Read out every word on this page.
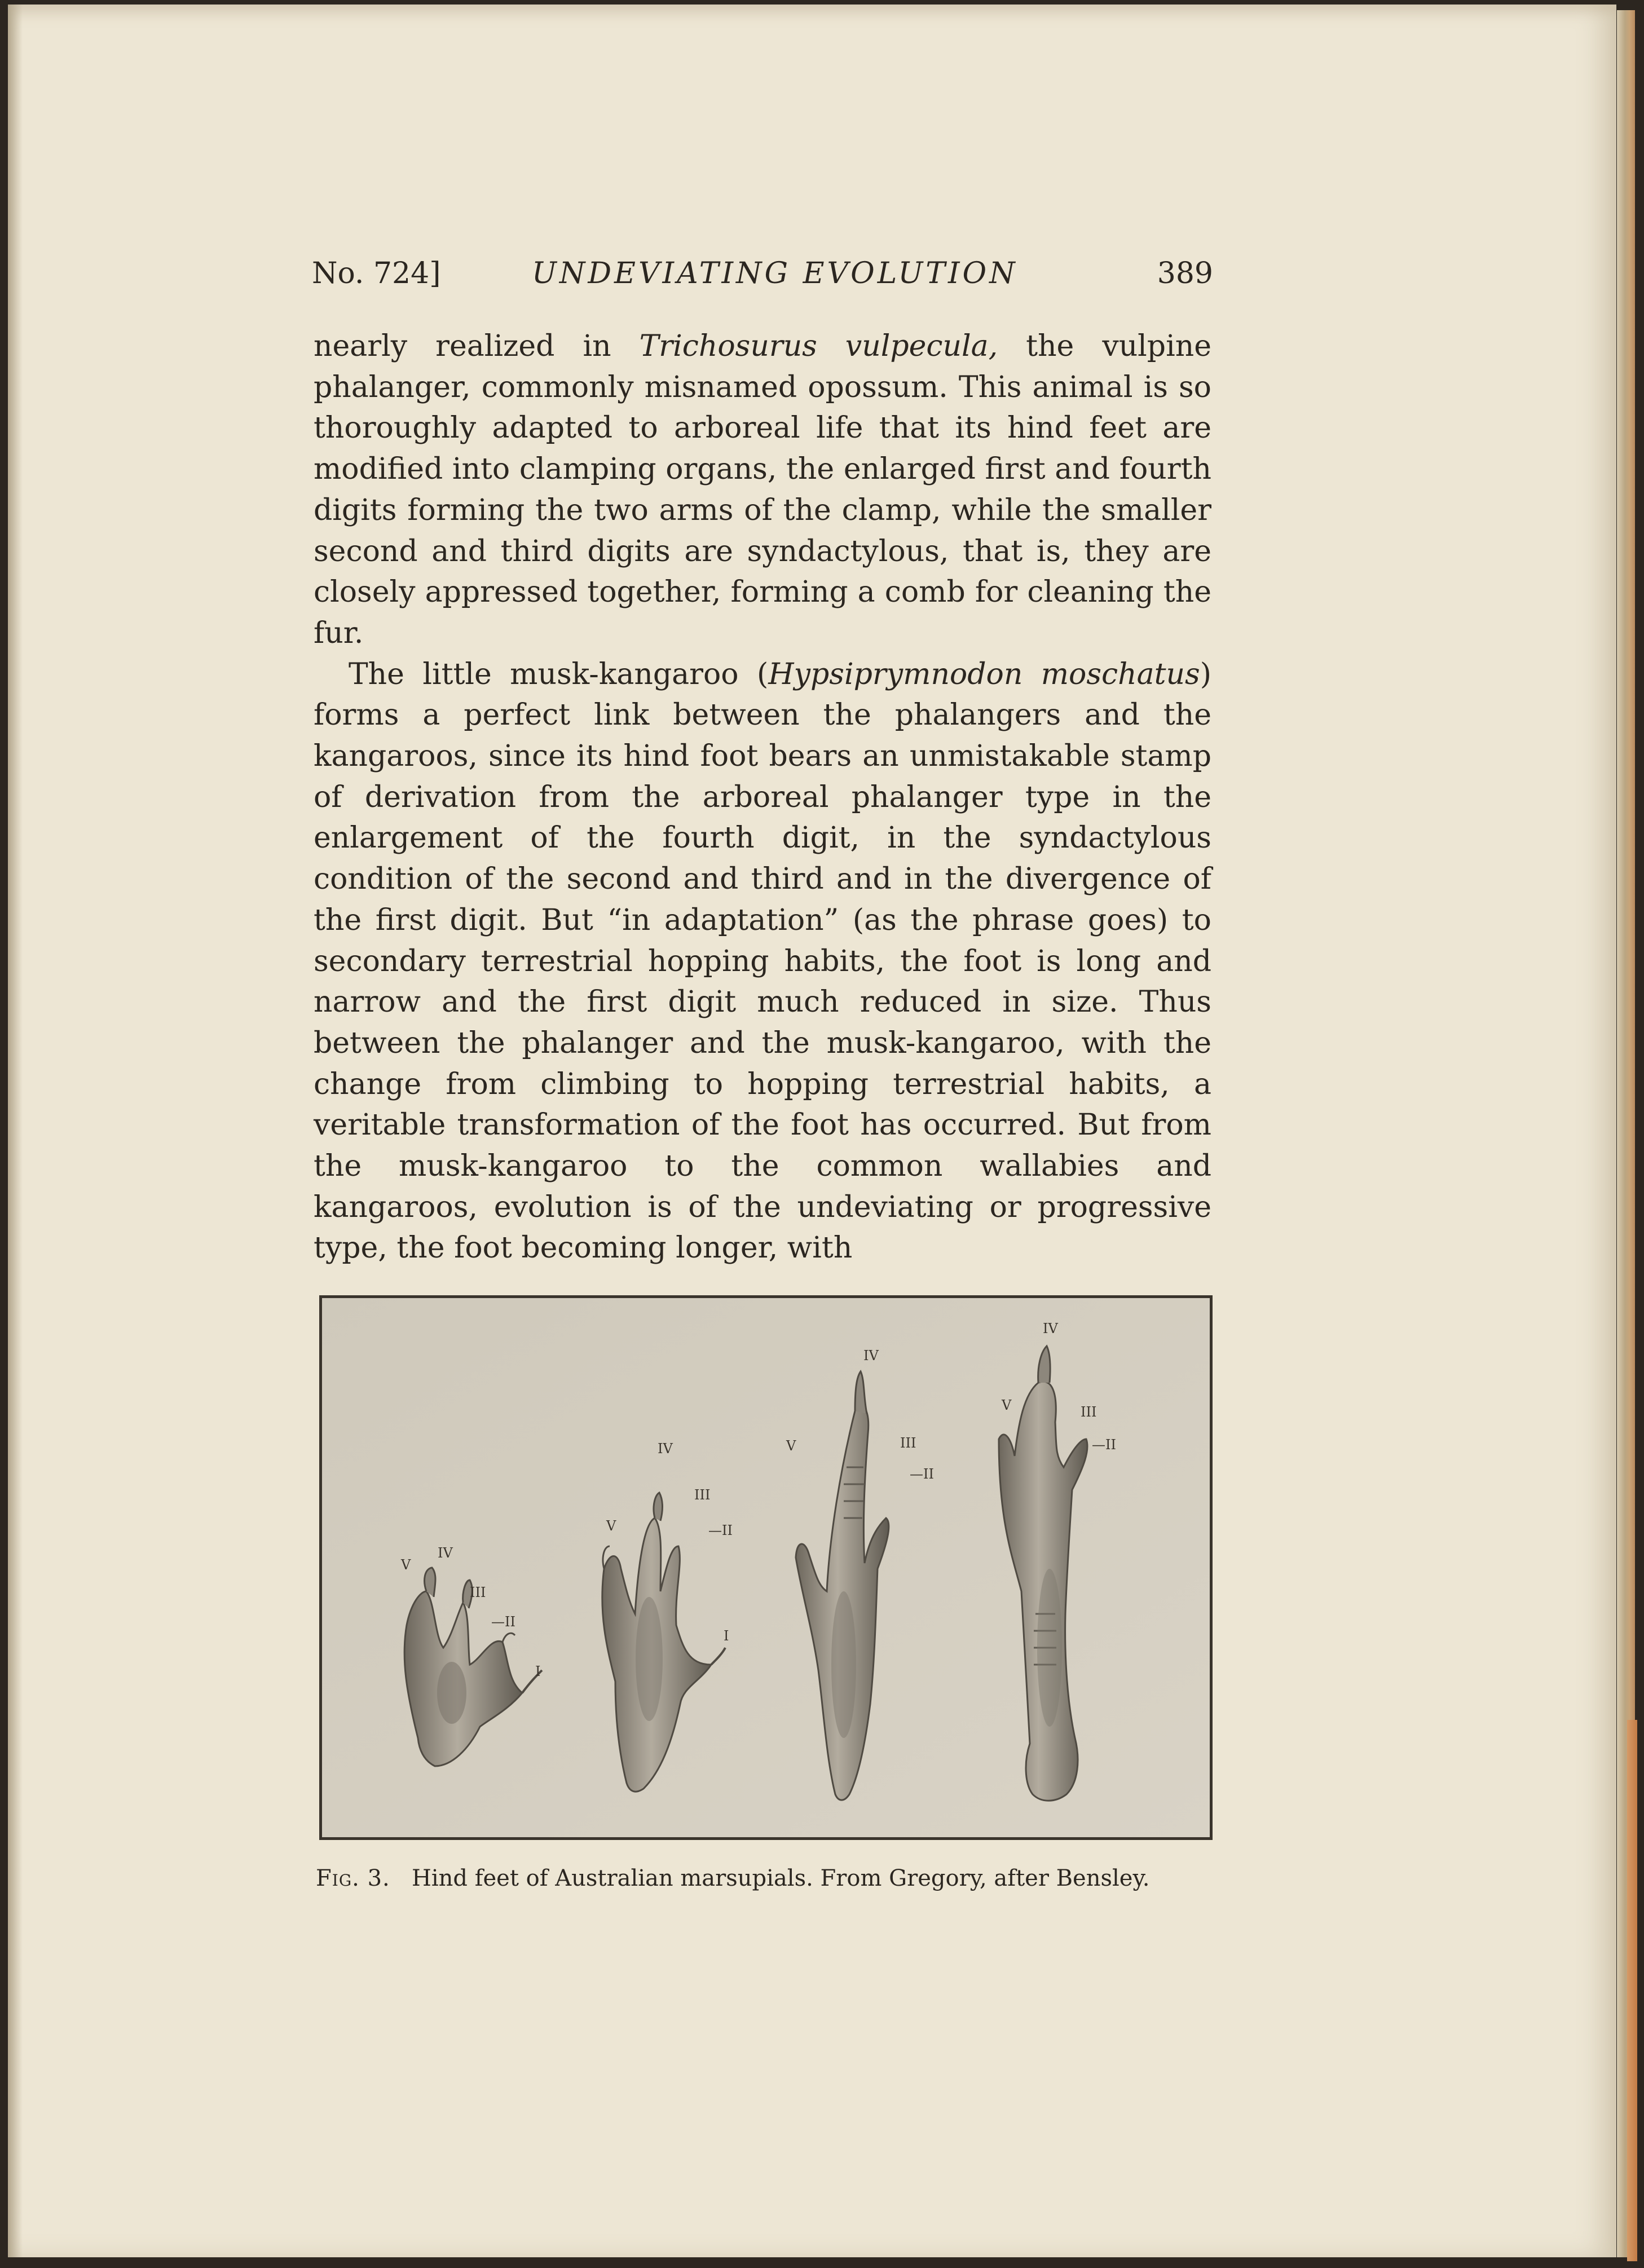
No. 724]	UNDEVIATING EVOLUTION	389

nearly realized in Trichosurus vulpecula, the vulpine phalanger, commonly misnamed opossum. This animal is so thoroughly adapted to arboreal life that its hind feet are modified into clamping organs, the enlarged first and fourth digits forming the two arms of the clamp, while the smaller second and third digits are syndactylous, that is, they are closely appressed together, forming a comb for cleaning the fur.

The little musk-kangaroo (Hypsiprymnodon moschatus) forms a perfect link between the phalangers and the kangaroos, since its hind foot bears an unmistakable stamp of derivation from the arboreal phalanger type in the enlargement of the fourth digit, in the syndactylous condition of the second and third and in the divergence of the first digit. But “in adaptation” (as the phrase goes) to secondary terrestrial hopping habits, the foot is long and narrow and the first digit much reduced in size. Thus between the phalanger and the musk-kangaroo, with the change from climbing to hopping terrestrial habits, a veritable transformation of the foot has occurred. But from the musk-kangaroo to the common wallabies and kangaroos, evolution is of the undeviating or progressive type, the foot becoming longer, with

V
IV
III
—II
I
V
IV
III
—II
I
V
IV
III
—II
V
IV
III
—II
Fig. 3. Hind feet of Australian marsupials. From Gregory, after Bensley.
